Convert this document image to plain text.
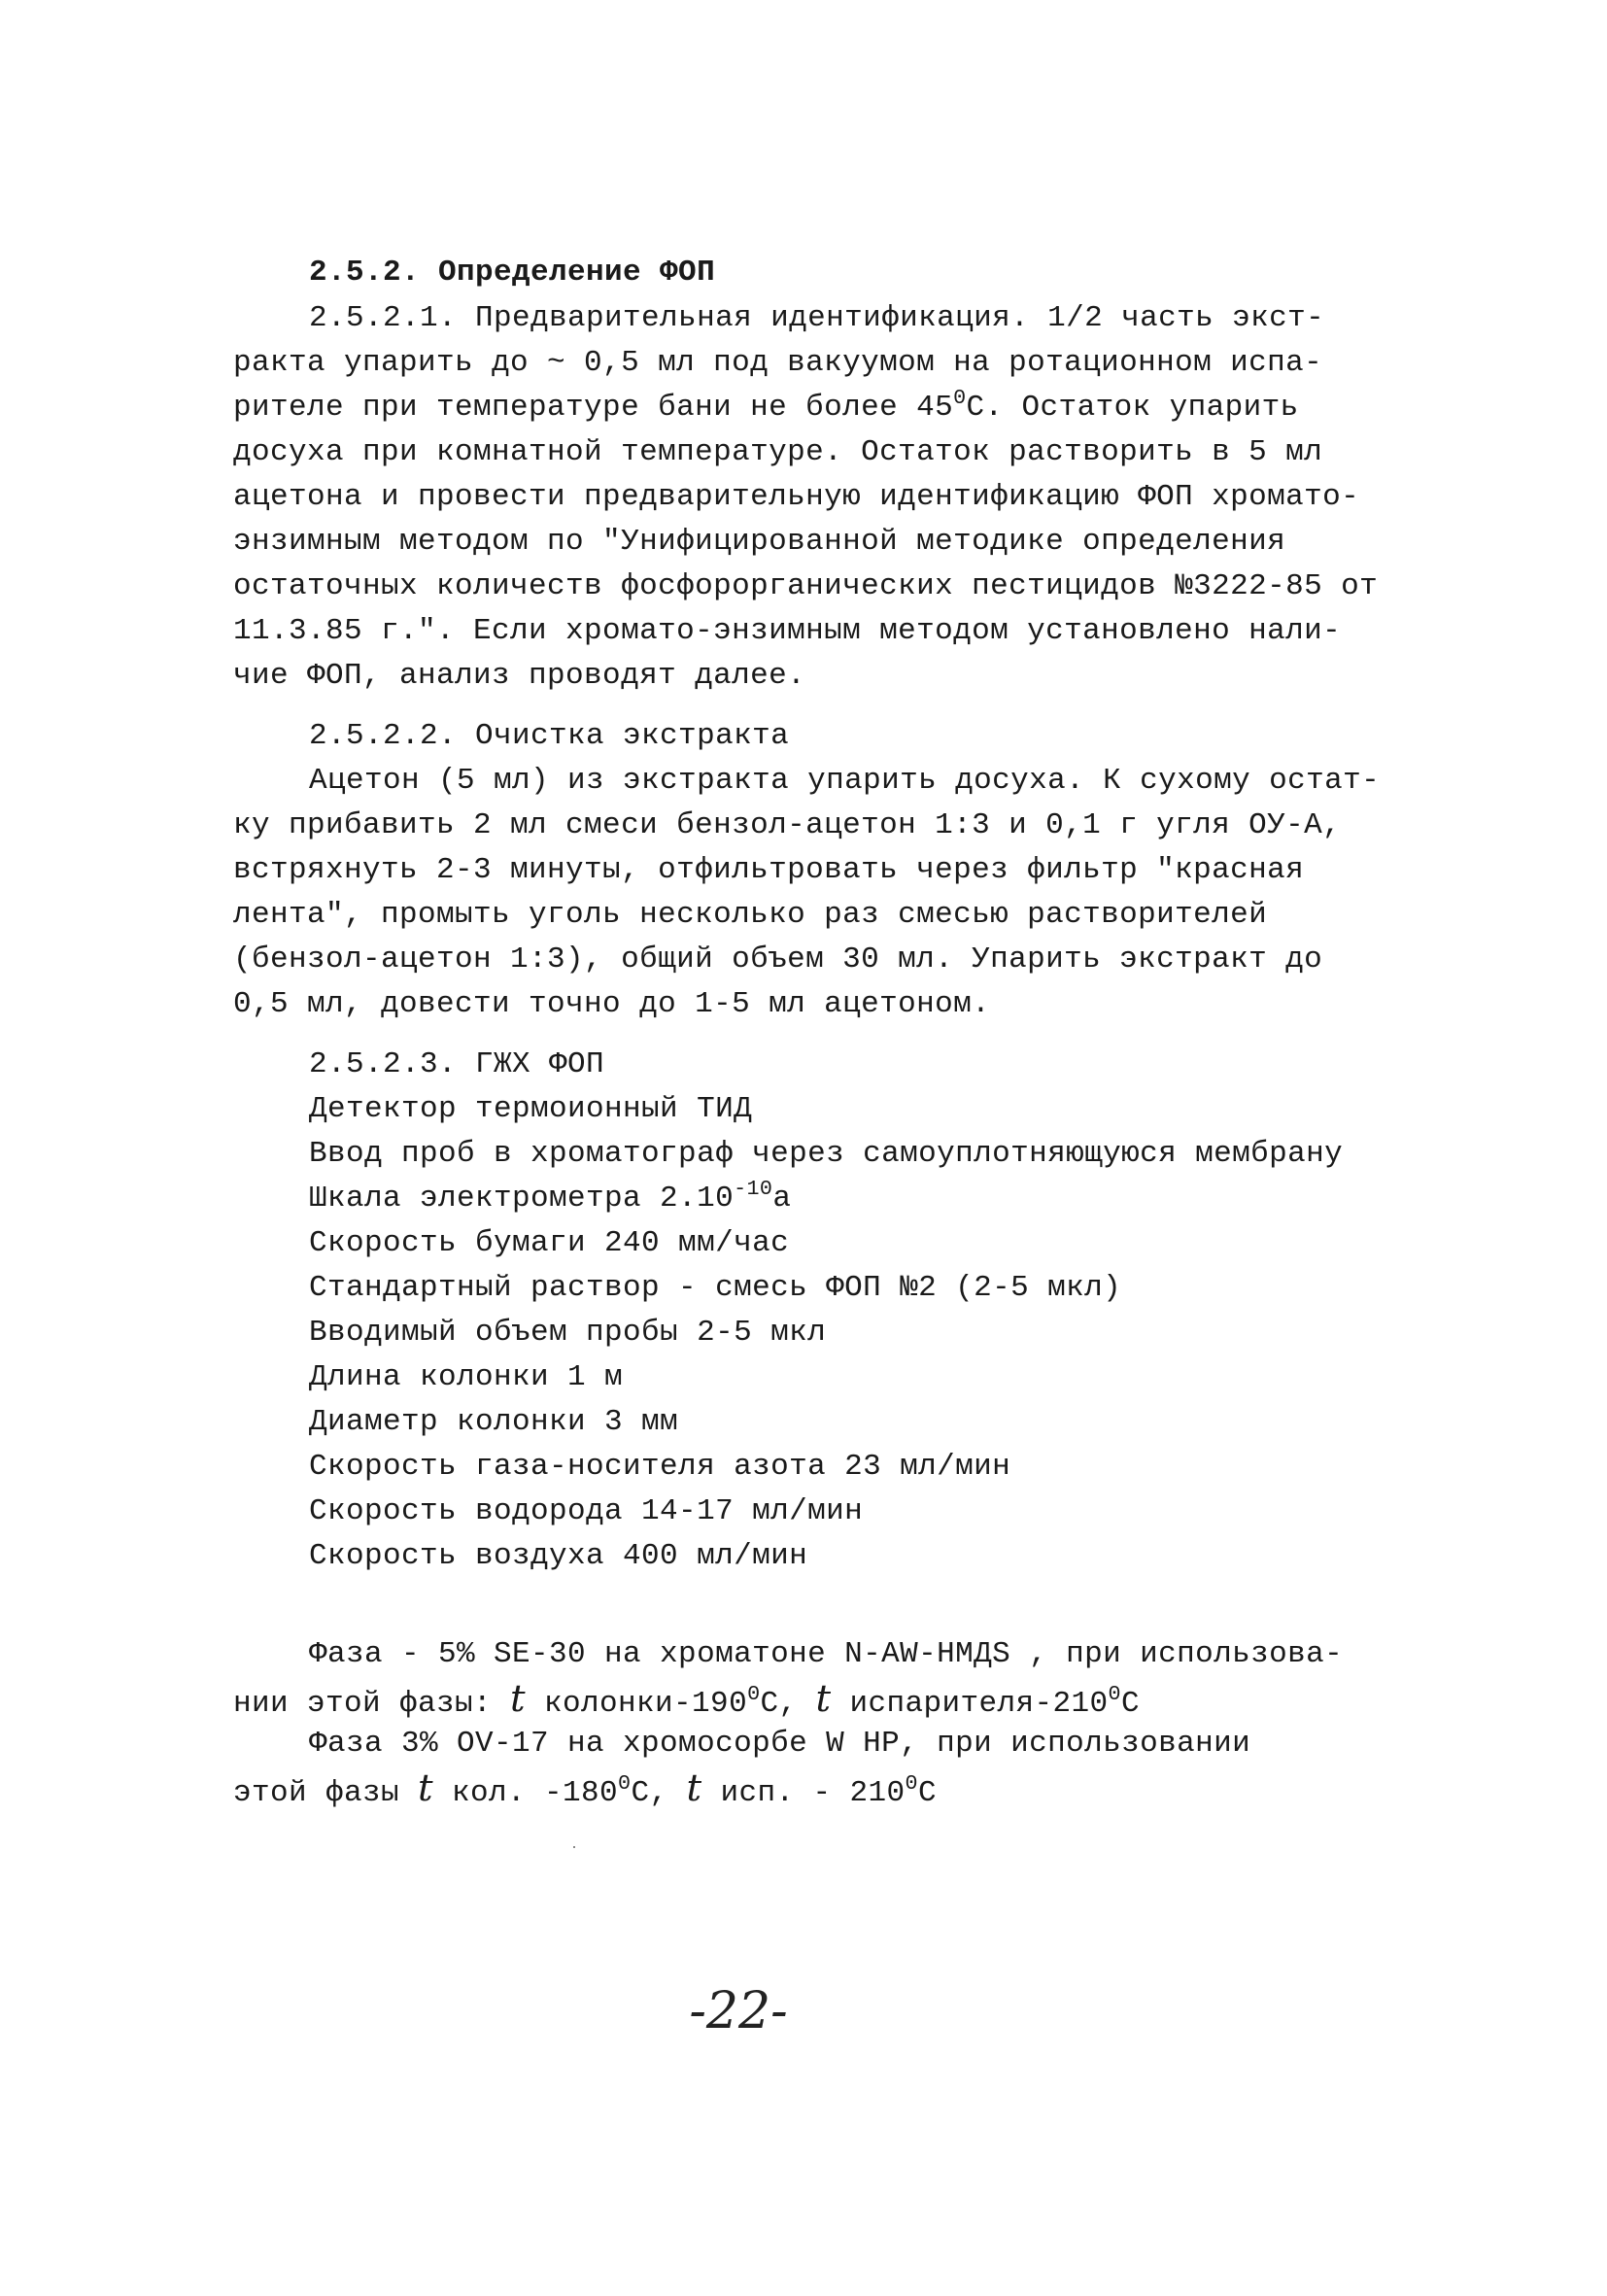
2.5.2. Определение ФОП
2.5.2.1. Предварительная идентификация. 1/2 часть экст-
ракта упарить до ~ 0,5 мл под вакуумом на ротационном испа-
рителе при температуре бани не более $45^0С$. Остаток упарить
досуха при комнатной температуре. Остаток растворить в 5 мл
ацетона и провести предварительную идентификацию ФОП хромато-
энзимным методом по "Унифицированной методике определения
остаточных количеств фосфорорганических пестицидов №3222-85 от
11.3.85 г.". Если хромато-энзимным методом установлено нали-
чие ФОП, анализ проводят далее.
2.5.2.2. Очистка экстракта
Ацетон (5 мл) из экстракта упарить досуха. К сухому остат-
ку прибавить 2 мл смеси бензол-ацетон 1:3 и 0,1 г угля ОУ-А,
встряхнуть 2-3 минуты, отфильтровать через фильтр "красная
лента", промыть уголь несколько раз смесью растворителей
(бензол-ацетон 1:3), общий объем 30 мл. Упарить экстракт до
0,5 мл, довести точно до 1-5 мл ацетоном.
2.5.2.3. ГЖХ ФОП
Детектор термоионный ТИД
Ввод проб в хроматограф через самоуплотняющуюся мембрану
Шкала электрометра $2.10^{-10}а$
Скорость бумаги 240 мм/час
Стандартный раствор - смесь ФОП №2 (2-5 мкл)
Вводимый объем пробы 2-5 мкл
Длина колонки 1 м
Диаметр колонки 3 мм
Скорость газа-носителя азота 23 мл/мин
Скорость водорода 14-17 мл/мин
Скорость воздуха 400 мл/мин
Фаза - 5% SE-30 на хроматоне N-AW-HMДS , при использова-
нии этой фазы: t колонки-$190^0С$, t испарителя-$210^0С$
Фаза 3% OV-17 на хромосорбе W HP, при использовании
этой фазы t кол. $-180^0С$, t исп. - $210^0С$
-22-
